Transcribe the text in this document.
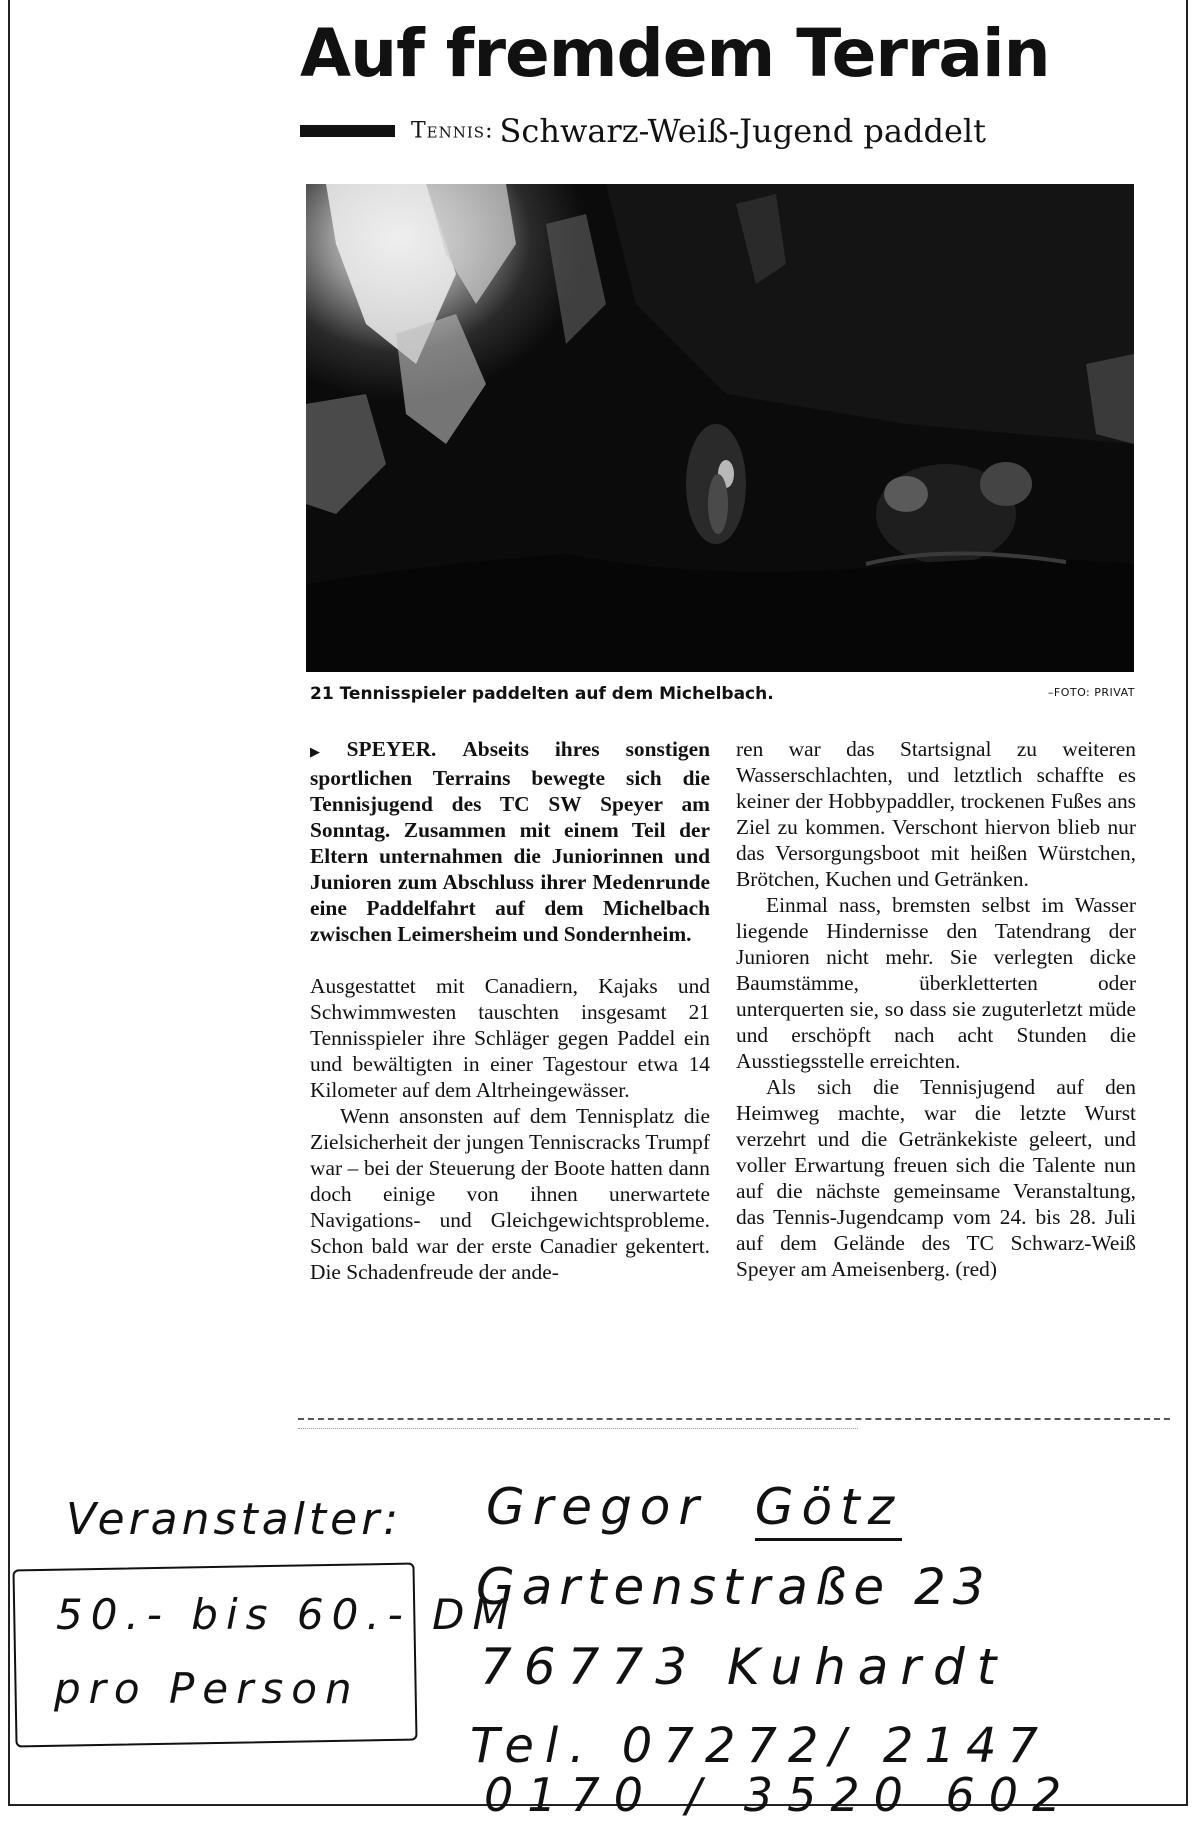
Auf fremdem Terrain
Tennis: Schwarz-Weiß-Jugend paddelt
21 Tennisspieler paddelten auf dem Michelbach.	–FOTO: PRIVAT

▶ SPEYER. Abseits ihres sonstigen sportlichen Terrains bewegte sich die Tennisjugend des TC SW Speyer am Sonntag. Zusammen mit einem Teil der Eltern unternahmen die Juniorinnen und Junioren zum Abschluss ihrer Medenrunde eine Paddelfahrt auf dem Michelbach zwischen Leimersheim und Sondernheim.

Ausgestattet mit Canadiern, Kajaks und Schwimmwesten tauschten insgesamt 21 Tennisspieler ihre Schläger gegen Paddel ein und bewältigten in einer Tagestour etwa 14 Kilometer auf dem Altrheingewässer.

Wenn ansonsten auf dem Tennisplatz die Zielsicherheit der jungen Tenniscracks Trumpf war – bei der Steuerung der Boote hatten dann doch einige von ihnen unerwartete Navigations- und Gleichgewichtsprobleme. Schon bald war der erste Canadier gekentert. Die Schadenfreude der ande-

ren war das Startsignal zu weiteren Wasserschlachten, und letztlich schaffte es keiner der Hobbypaddler, trockenen Fußes ans Ziel zu kommen. Verschont hiervon blieb nur das Versorgungsboot mit heißen Würstchen, Brötchen, Kuchen und Getränken.

Einmal nass, bremsten selbst im Wasser liegende Hindernisse den Tatendrang der Junioren nicht mehr. Sie verlegten dicke Baumstämme, überkletterten oder unterquerten sie, so dass sie zuguterletzt müde und erschöpft nach acht Stunden die Ausstiegsstelle erreichten.

Als sich die Tennisjugend auf den Heimweg machte, war die letzte Wurst verzehrt und die Getränkekiste geleert, und voller Erwartung freuen sich die Talente nun auf die nächste gemeinsame Veranstaltung, das Tennis-Jugendcamp vom 24. bis 28. Juli auf dem Gelände des TC Schwarz-Weiß Speyer am Ameisenberg. (red)

Veranstalter: Gregor Götz
Gartenstraße 23
76773 Kuhardt
Tel. 07272/ 2147
0170 / 3520 602
50.- bis 60.- DM
pro Person
